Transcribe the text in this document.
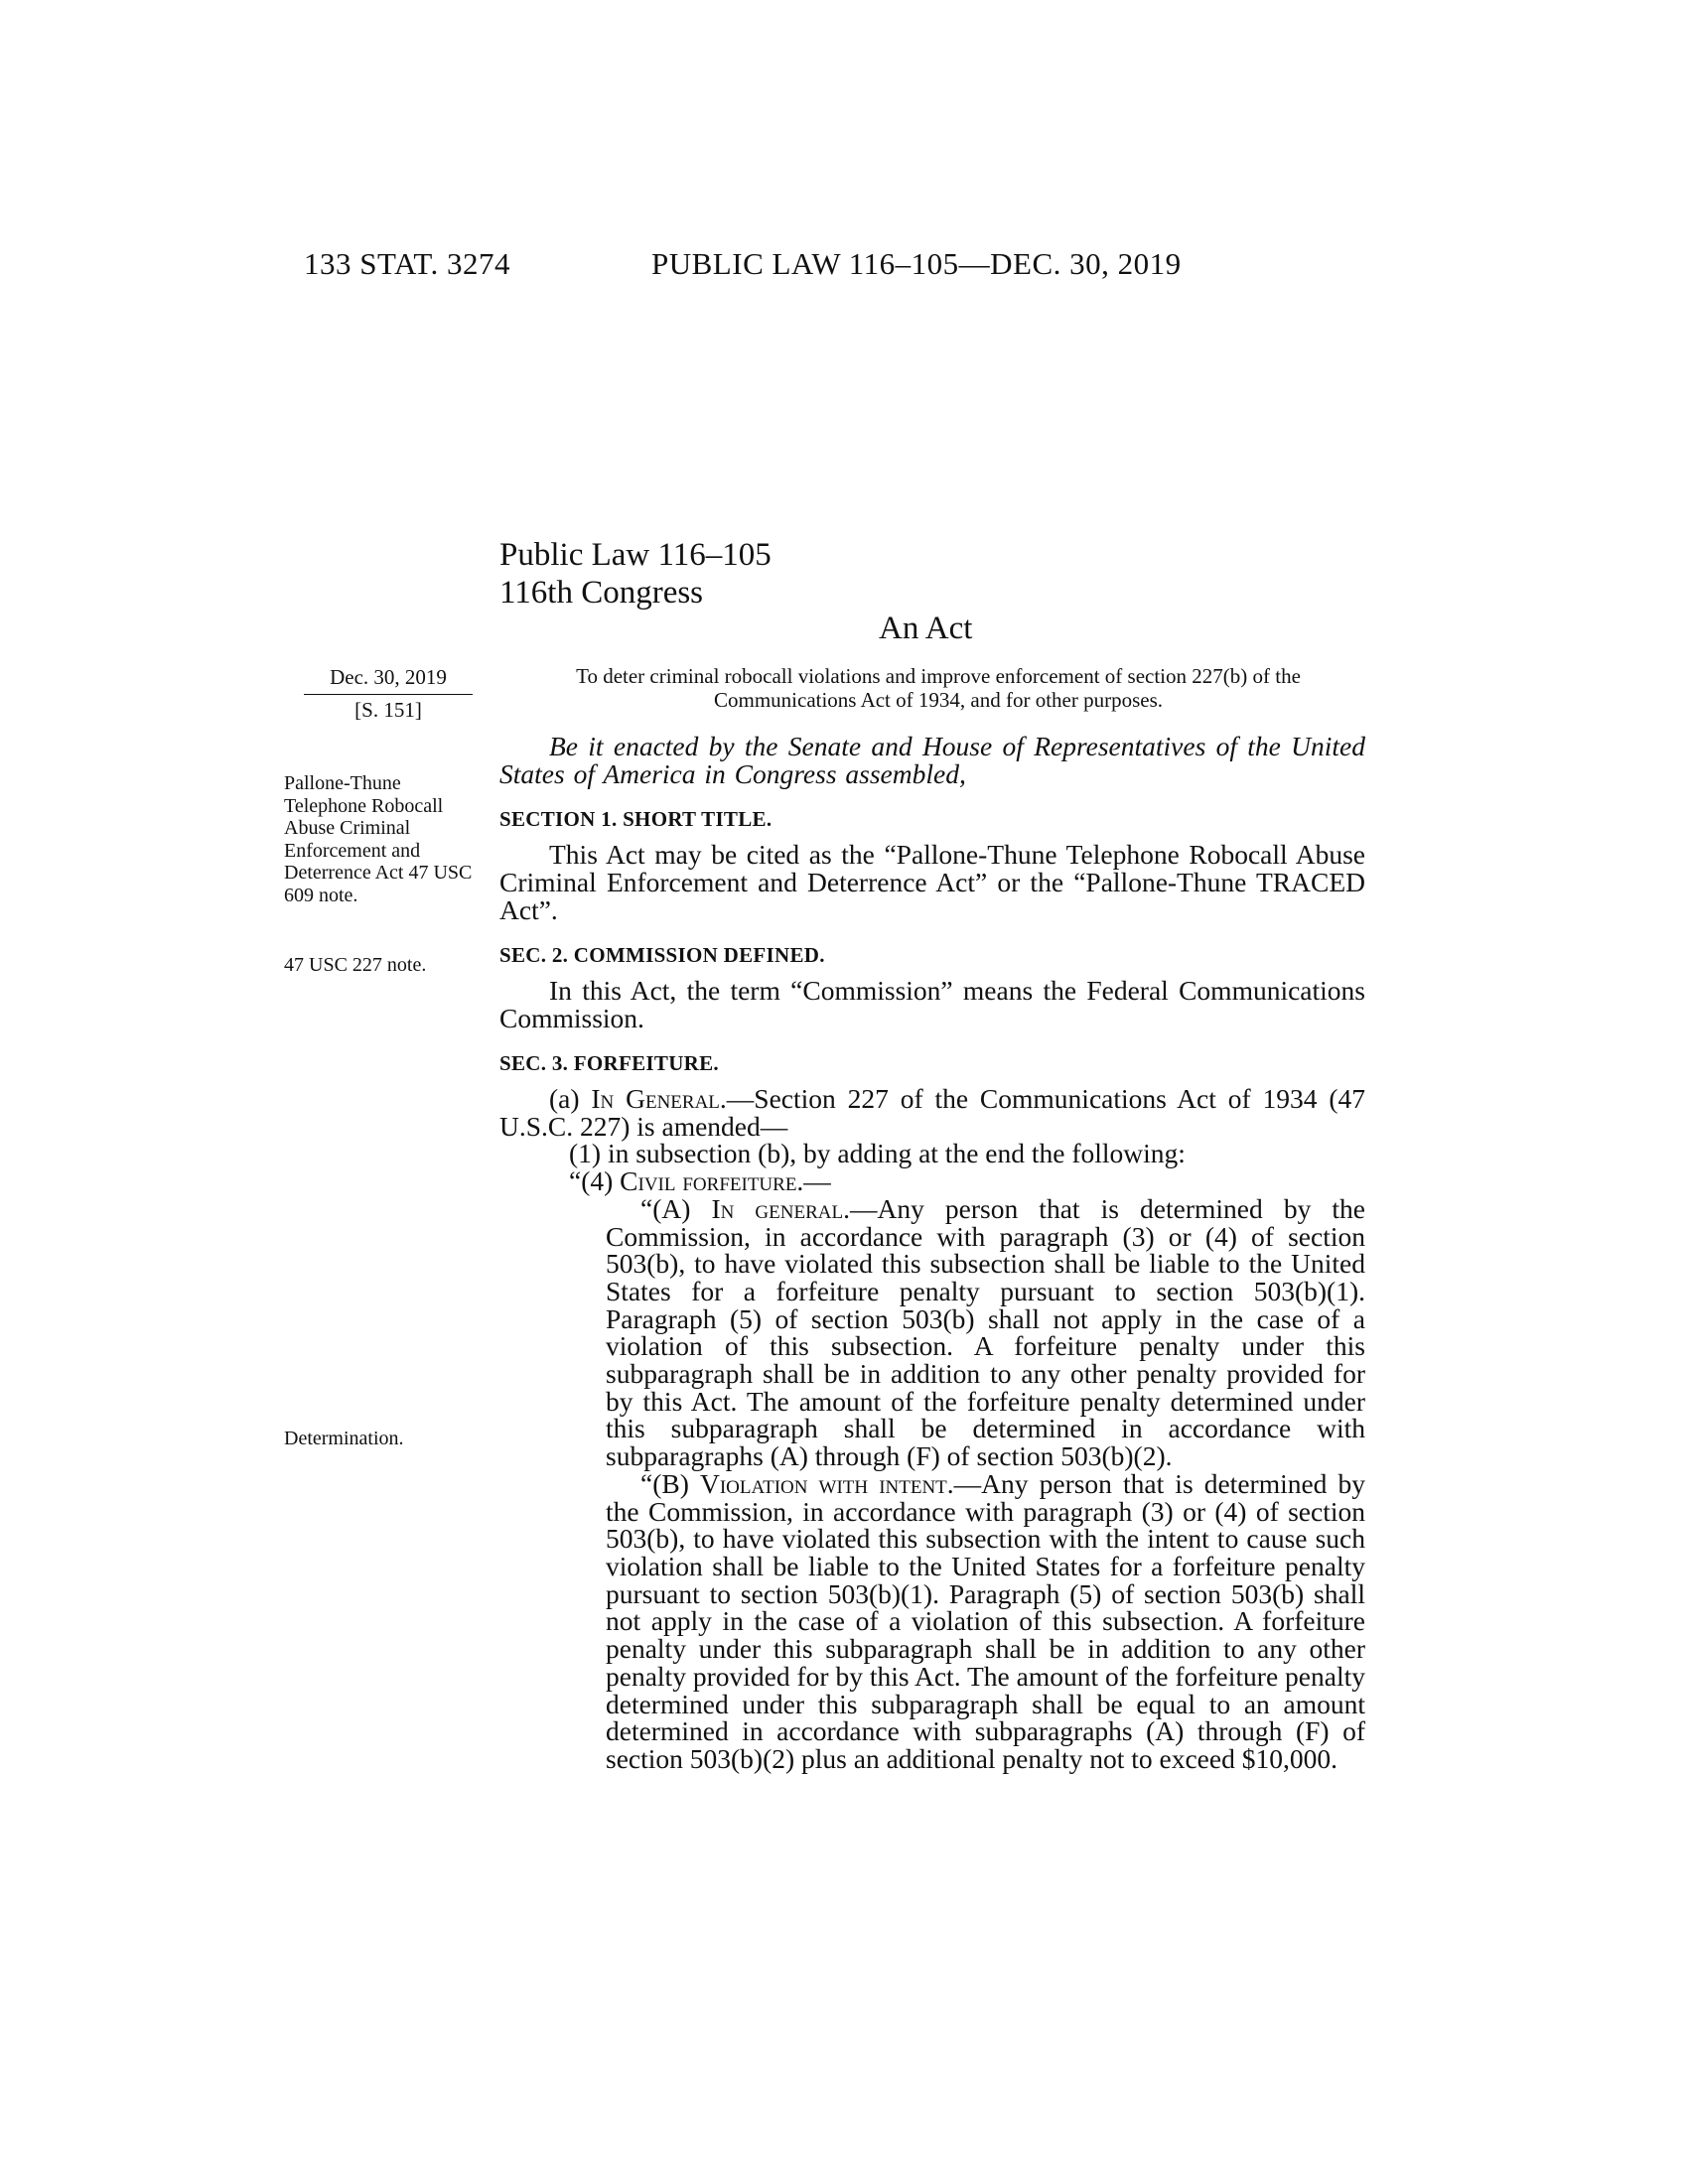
133 STAT. 3274	PUBLIC LAW 116–105—DEC. 30, 2019
Public Law 116–105
116th Congress
An Act
To deter criminal robocall violations and improve enforcement of section 227(b) of the Communications Act of 1934, and for other purposes.
Dec. 30, 2019
[S. 151]
Pallone-Thune Telephone Robocall Abuse Criminal Enforcement and Deterrence Act 47 USC 609 note.
47 USC 227 note.
Determination.

Be it enacted by the Senate and House of Representatives of the United States of America in Congress assembled,

SECTION 1. SHORT TITLE.

This Act may be cited as the “Pallone-Thune Telephone Robocall Abuse Criminal Enforcement and Deterrence Act” or the “Pallone-Thune TRACED Act”.

SEC. 2. COMMISSION DEFINED.

In this Act, the term “Commission” means the Federal Communications Commission.

SEC. 3. FORFEITURE.

(a) In General.—Section 227 of the Communications Act of 1934 (47 U.S.C. 227) is amended—

(1) in subsection (b), by adding at the end the following:

“(4) Civil forfeiture.—

“(A) In general.—Any person that is determined by the Commission, in accordance with paragraph (3) or (4) of section 503(b), to have violated this subsection shall be liable to the United States for a forfeiture penalty pursuant to section 503(b)(1). Paragraph (5) of section 503(b) shall not apply in the case of a violation of this subsection. A forfeiture penalty under this subparagraph shall be in addition to any other penalty provided for by this Act. The amount of the forfeiture penalty determined under this subparagraph shall be determined in accordance with subparagraphs (A) through (F) of section 503(b)(2).

“(B) Violation with intent.—Any person that is determined by the Commission, in accordance with paragraph (3) or (4) of section 503(b), to have violated this subsection with the intent to cause such violation shall be liable to the United States for a forfeiture penalty pursuant to section 503(b)(1). Paragraph (5) of section 503(b) shall not apply in the case of a violation of this subsection. A forfeiture penalty under this subparagraph shall be in addition to any other penalty provided for by this Act. The amount of the forfeiture penalty determined under this subparagraph shall be equal to an amount determined in accordance with subparagraphs (A) through (F) of section 503(b)(2) plus an additional penalty not to exceed $10,000.
